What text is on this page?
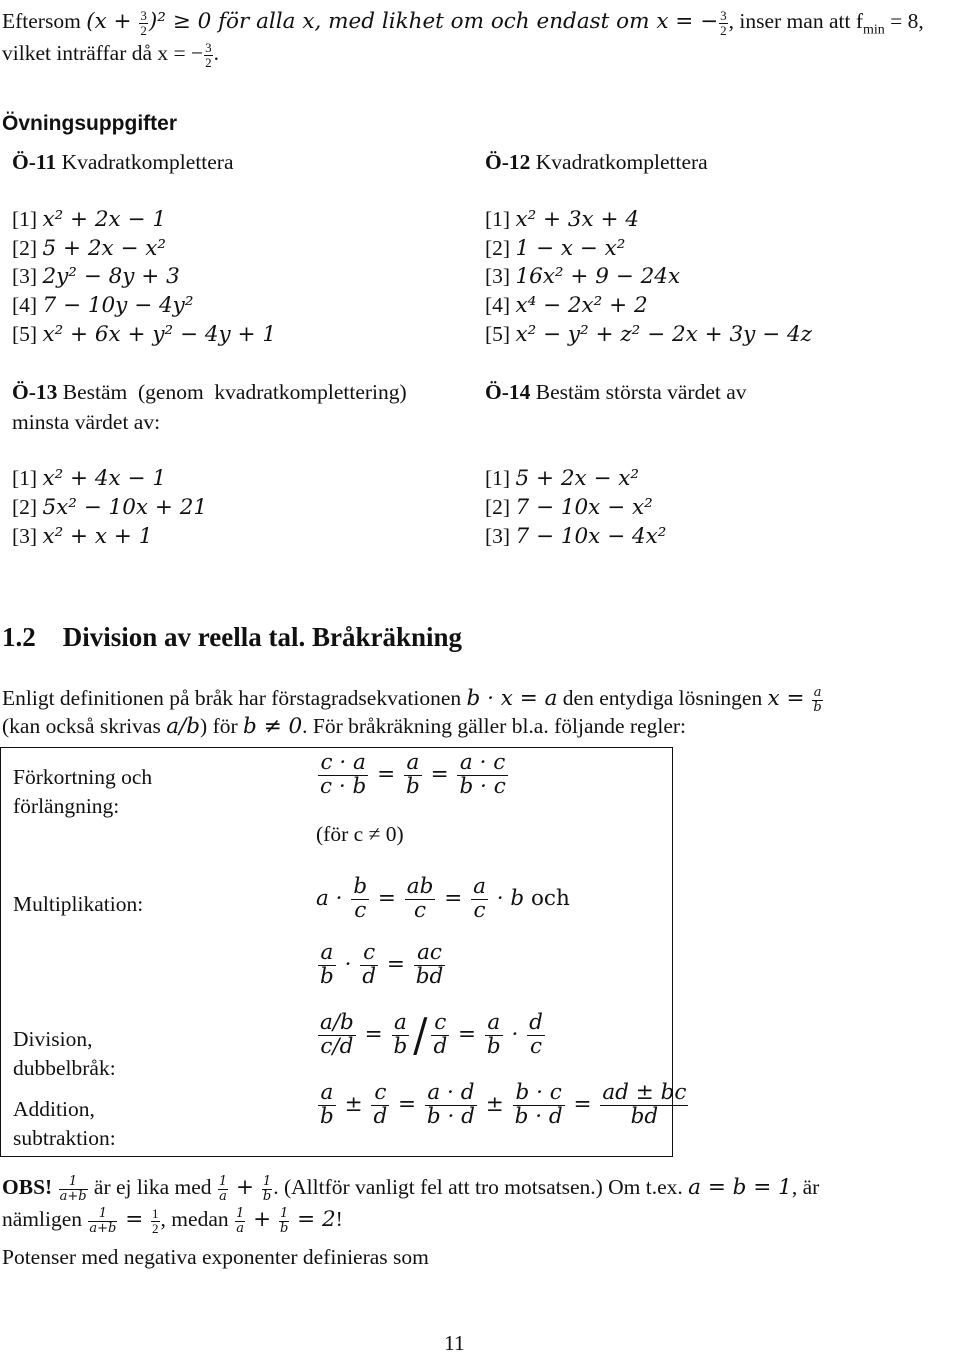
Eftersom $(x + \frac{3}{2} )^2 \ge 0$ för alla x, med likhet om och endast om x = − $\frac{3}{2}$ , inser man att $f_{min} = 8$,
vilket inträffar då x = − $\frac{3}{2}$ .
Övningsuppgifter
Ö-11 Kvadratkomplettera
[1] x² + 2x − 1
[2] 5 + 2x − x²
[3] 2y² − 8y + 3
[4] 7 − 10y − 4y²
[5] x² + 6x + y² − 4y + 1
Ö-12 Kvadratkomplettera
[1] x² + 3x + 4
[2] 1 − x − x²
[3] 16x² + 9 − 24x
[4] x⁴ − 2x² + 2
[5] x² − y² + z² − 2x + 3y − 4z
Ö-13 Bestäm  (genom  kvadratkomplettering)
minsta värdet av:
[1] x² + 4x − 1
[2] 5x² − 10x + 21
[3] x² + x + 1
Ö-14 Bestäm största värdet av
[1] 5 + 2x − x²
[2] 7 − 10x − x²
[3] 7 − 10x − 4x²
1.2 Division av reella tal. Bråkräkning
Enligt definitionen på bråk har förstagradsekvationen b · x = a den entydiga lösningen $x = \frac{a}{b}$
(kan också skrivas a/b) för b ≠ 0. För bråkräkning gäller bl.a. följande regler:
Förkortning och förlängning:
$\frac{c \cdot a}{c \cdot b} = \frac{a}{b} = \frac{a \cdot c}{b \cdot c}$
(för c ≠ 0)
Multiplikation:	$a \cdot \frac{b}{c} = \frac{ab}{c} = \frac{a}{c} \cdot b$ och
$\frac{a}{b} \cdot \frac{c}{d} = \frac{ac}{bd}$
Division, dubbelbråk:
$\frac{a/b}{c/d} = \frac{a}{b} / \frac{c}{d} = \frac{a}{b} \cdot \frac{d}{c}$
Addition, subtraktion:
$\frac{a}{b} \pm \frac{c}{d} = \frac{a \cdot d}{b \cdot d} \pm \frac{b \cdot c}{b \cdot d} = \frac{ad \pm bc}{bd}$
OBS! $\frac{1}{a+b}$ är ej lika med $\frac{1}{a} + \frac{1}{b}$ . (Alltför vanligt fel att tro motsatsen.) Om t.ex. a = b = 1, är
nämligen $\frac{1}{a+b} = \frac{1}{2}$ , medan $\frac{1}{a} + \frac{1}{b} = 2$!
Potenser med negativa exponenter definieras som
11
